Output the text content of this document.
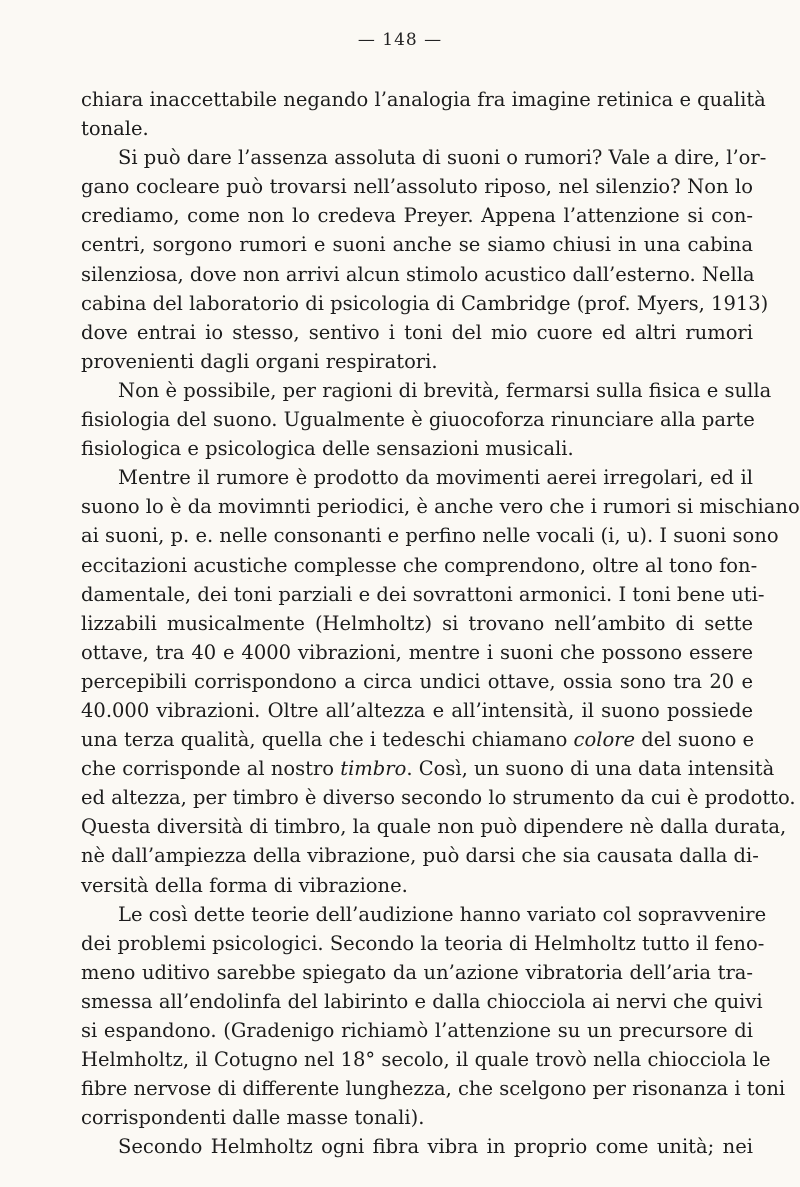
— 148 —
chiara inaccettabile negando l’analogia fra imagine retinica e qualità
tonale.
Si può dare l’assenza assoluta di suoni o rumori? Vale a dire, l’or-
gano cocleare può trovarsi nell’assoluto riposo, nel silenzio? Non lo
crediamo, come non lo credeva Preyer. Appena l’attenzione si con-
centri, sorgono rumori e suoni anche se siamo chiusi in una cabina
silenziosa, dove non arrivi alcun stimolo acustico dall’esterno. Nella
cabina del laboratorio di psicologia di Cambridge (prof. Myers, 1913)
dove entrai io stesso, sentivo i toni del mio cuore ed altri rumori
provenienti dagli organi respiratori.
Non è possibile, per ragioni di brevità, fermarsi sulla fisica e sulla
fisiologia del suono. Ugualmente è giuocoforza rinunciare alla parte
fisiologica e psicologica delle sensazioni musicali.
Mentre il rumore è prodotto da movimenti aerei irregolari, ed il
suono lo è da movimnti periodici, è anche vero che i rumori si mischiano
ai suoni, p. e. nelle consonanti e perfino nelle vocali (i, u). I suoni sono
eccitazioni acustiche complesse che comprendono, oltre al tono fon-
damentale, dei toni parziali e dei sovrattoni armonici. I toni bene uti-
lizzabili musicalmente (Helmholtz) si trovano nell’ambito di sette
ottave, tra 40 e 4000 vibrazioni, mentre i suoni che possono essere
percepibili corrispondono a circa undici ottave, ossia sono tra 20 e
40.000 vibrazioni. Oltre all’altezza e all’intensità, il suono possiede
una terza qualità, quella che i tedeschi chiamano colore del suono e
che corrisponde al nostro timbro. Così, un suono di una data intensità
ed altezza, per timbro è diverso secondo lo strumento da cui è prodotto.
Questa diversità di timbro, la quale non può dipendere nè dalla durata,
nè dall’ampiezza della vibrazione, può darsi che sia causata dalla di-
versità della forma di vibrazione.
Le così dette teorie dell’audizione hanno variato col sopravvenire
dei problemi psicologici. Secondo la teoria di Helmholtz tutto il feno-
meno uditivo sarebbe spiegato da un’azione vibratoria dell’aria tra-
smessa all’endolinfa del labirinto e dalla chiocciola ai nervi che quivi
si espandono. (Gradenigo richiamò l’attenzione su un precursore di
Helmholtz, il Cotugno nel 18° secolo, il quale trovò nella chiocciola le
fibre nervose di differente lunghezza, che scelgono per risonanza i toni
corrispondenti dalle masse tonali).
Secondo Helmholtz ogni fibra vibra in proprio come unità; nei
